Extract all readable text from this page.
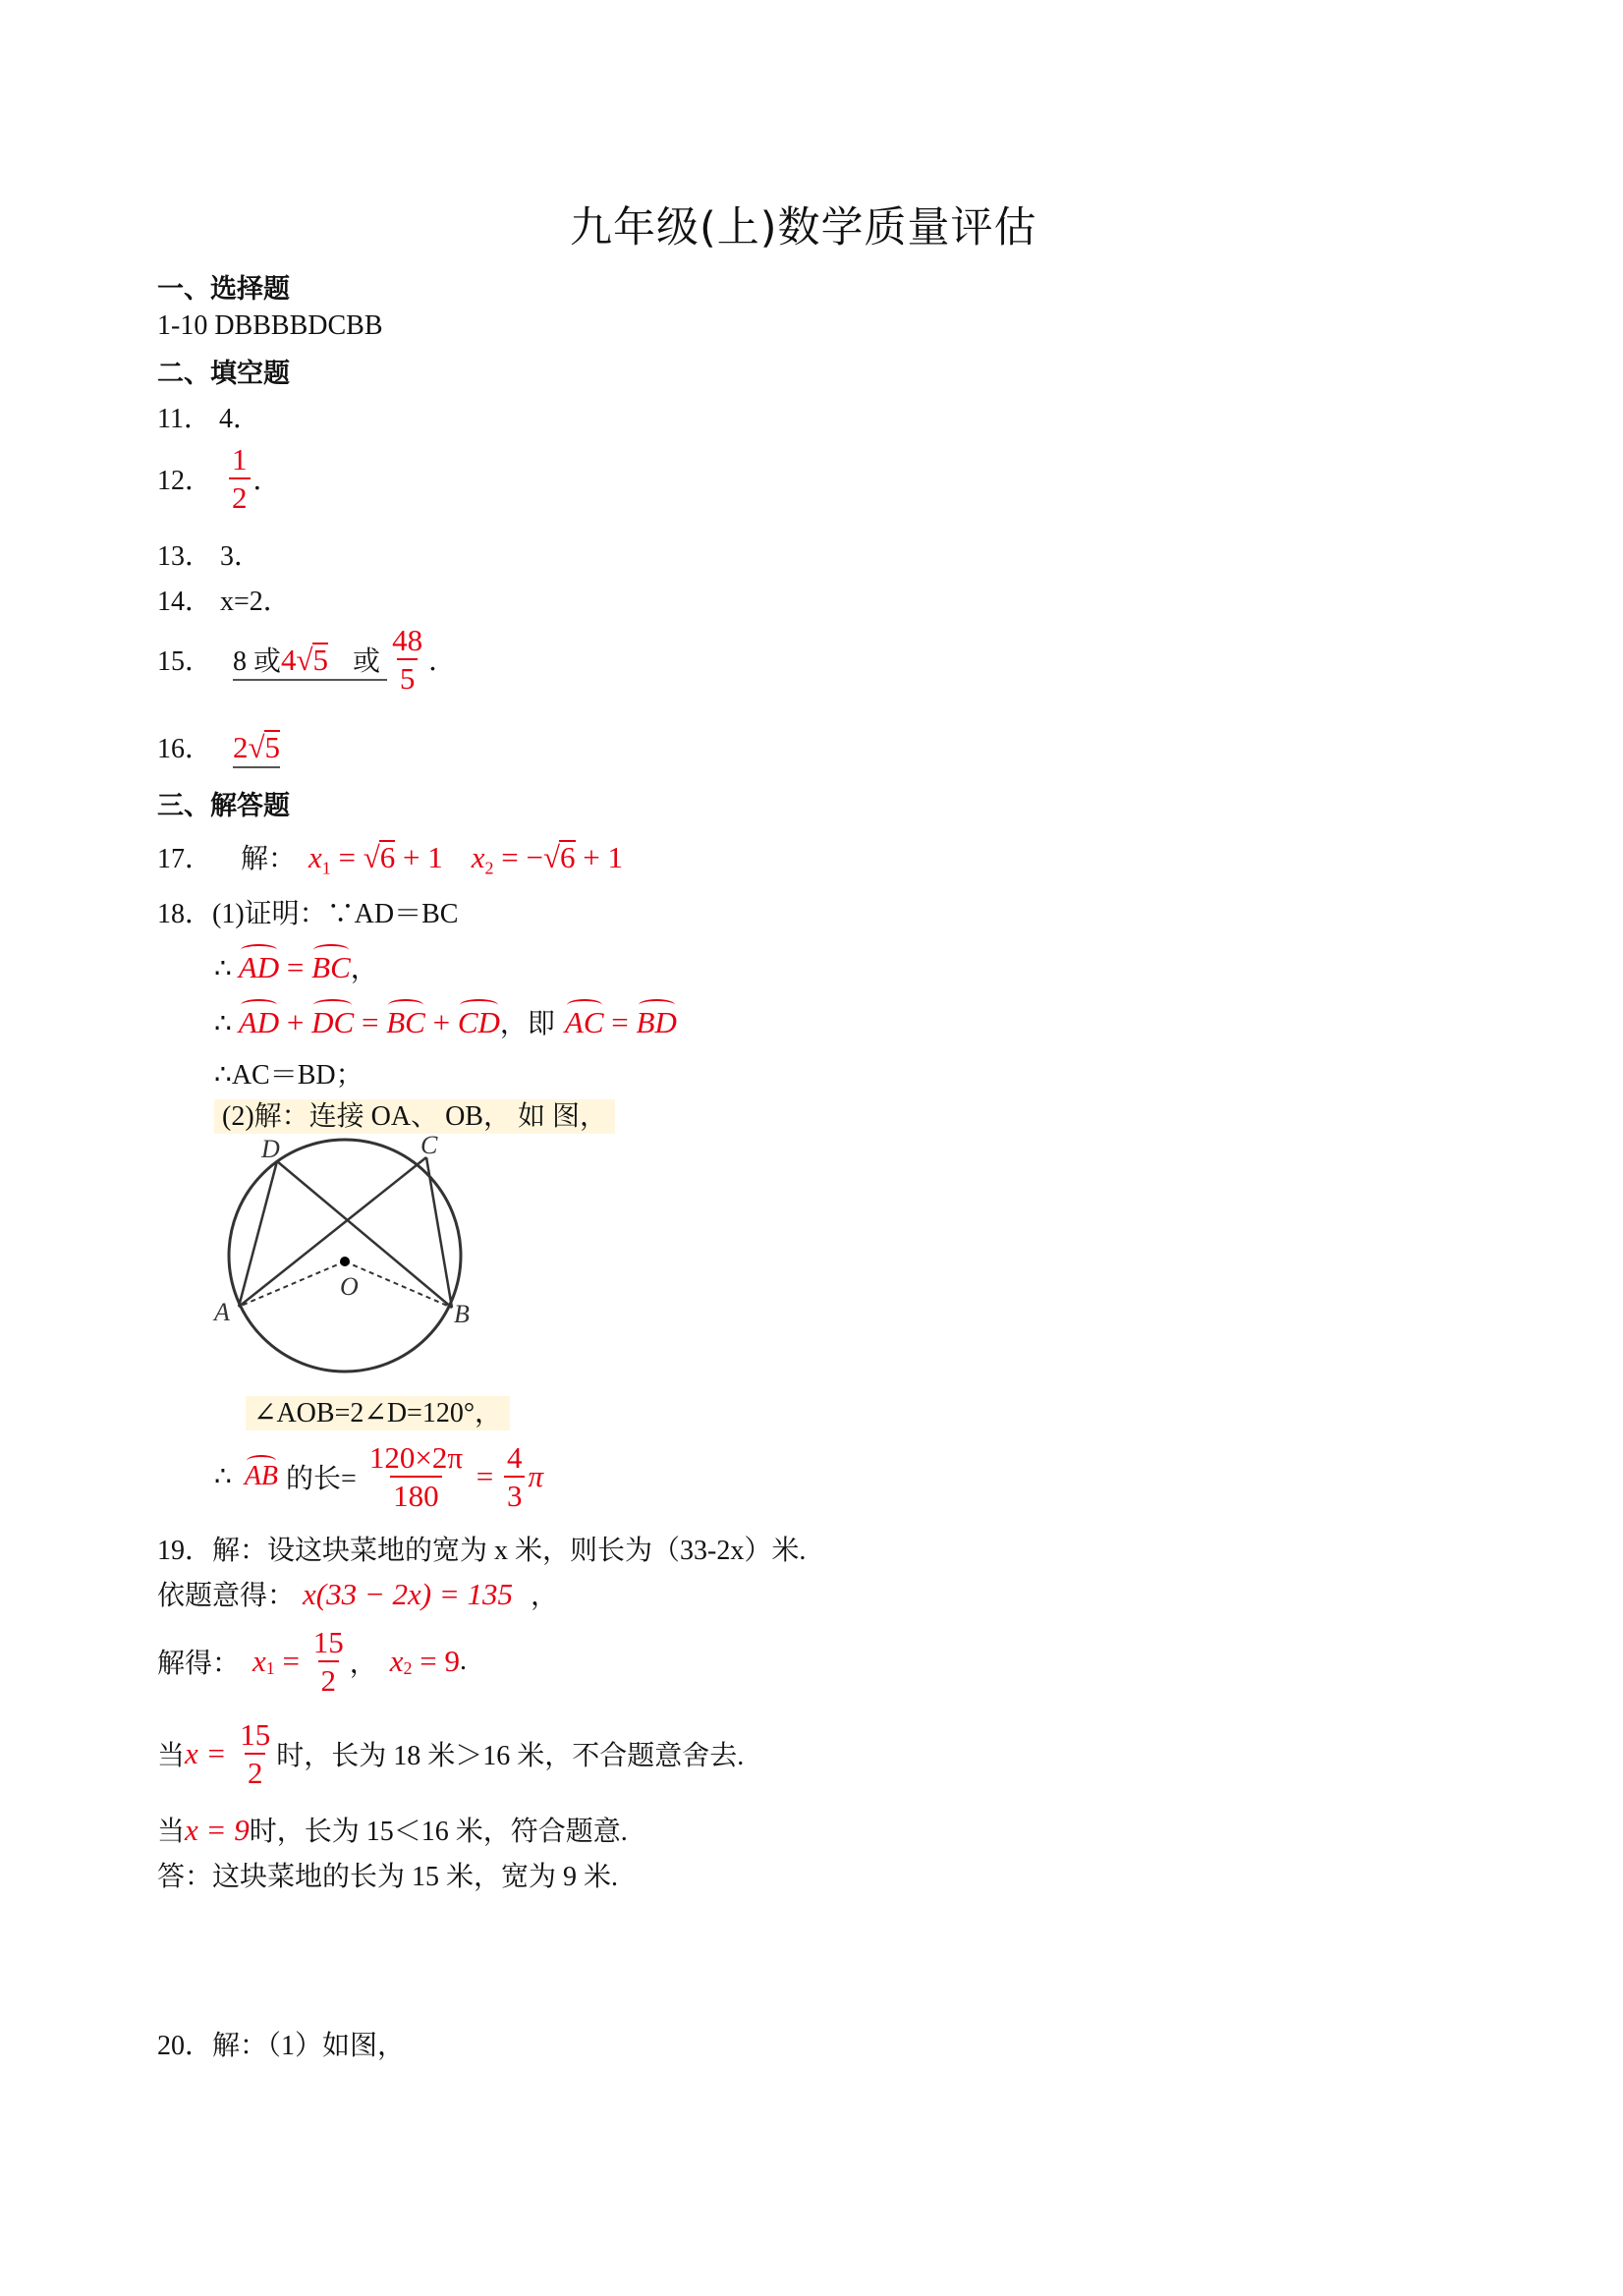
九年级(上)数学质量评估
一、选择题
1-10 DBBBBDCBB
二、填空题
11． 4．
12． $\frac{1}{2}$ ．
13． 3．
14． x=2．
15． 8 或4√5 或 $\frac{48}{5}$ ．
16． 2√5
三、解答题
17． 解： $x_1 = √6 + 1$ $x_2 = -√6 + 1$
18．(1)证明：∵AD＝BC
∴ AD = BC，
∴ AD + DC = BC + CD，即 AC = BD
∴AC＝BD；
(2)解：连接 OA、 OB， 如 图，
D	C
O
A	B
∠AOB=2∠D=120°，
∴ AB 的长= $\frac{120\times 2\pi}{180} = \frac{4}{3}$ π
19．解：设这块菜地的宽为 x 米，则长为（33-2x）米.
依题意得： x(33 − 2x) = 135 ，
解得： $x_1 = \frac{15}{2}$ ， $x_2 = 9$.
当$x = \frac{15}{2}$ 时，长为 18 米＞16 米，不合题意舍去.
当x = 9时，长为 15＜16 米，符合题意.
答：这块菜地的长为 15 米，宽为 9 米.
20．解：（1）如图，
